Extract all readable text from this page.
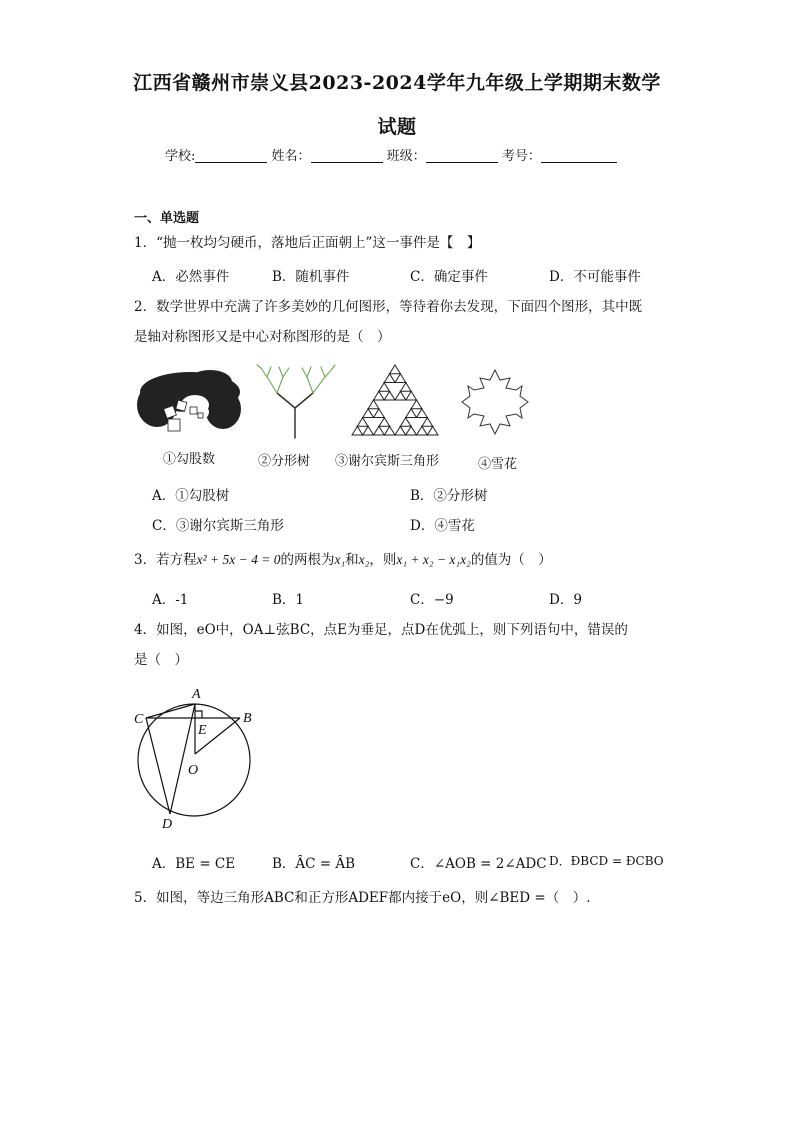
江西省赣州市崇义县2023-2024学年九年级上学期期末数学
试题
学校:	姓名：	班级：	考号：
一、单选题
1．“抛一枚均匀硬币，落地后正面朝上”这一事件是【　】
A．必然事件	B．随机事件	C．确定事件	D．不可能事件
2．数学世界中充满了许多美妙的几何图形，等待着你去发现，下面四个图形，其中既
是轴对称图形又是中心对称图形的是（　）
①勾股数	②分形树 ③谢尔宾斯三角形	④雪花
A．①勾股树	B．②分形树
C．③谢尔宾斯三角形	D．④雪花
3．若方程x² + 5x − 4 = 0的两根为x₁和x₂，则x₁ + x₂ − x₁x₂的值为（　）
A．-1	B．1	C．−9	D．9
4．如图，eO中，OA⊥弦BC，点E为垂足，点D在优弧上，则下列语句中，错误的
是（　）
A
B
C
D
E
O
A．BE = CE	B．ȂC = ȂB	C．∠AOB = 2∠ADC D．ÐBCD = ÐCBO
5．如图，等边三角形ABC和正方形ADEF都内接于eO，则∠BED =（　）.
